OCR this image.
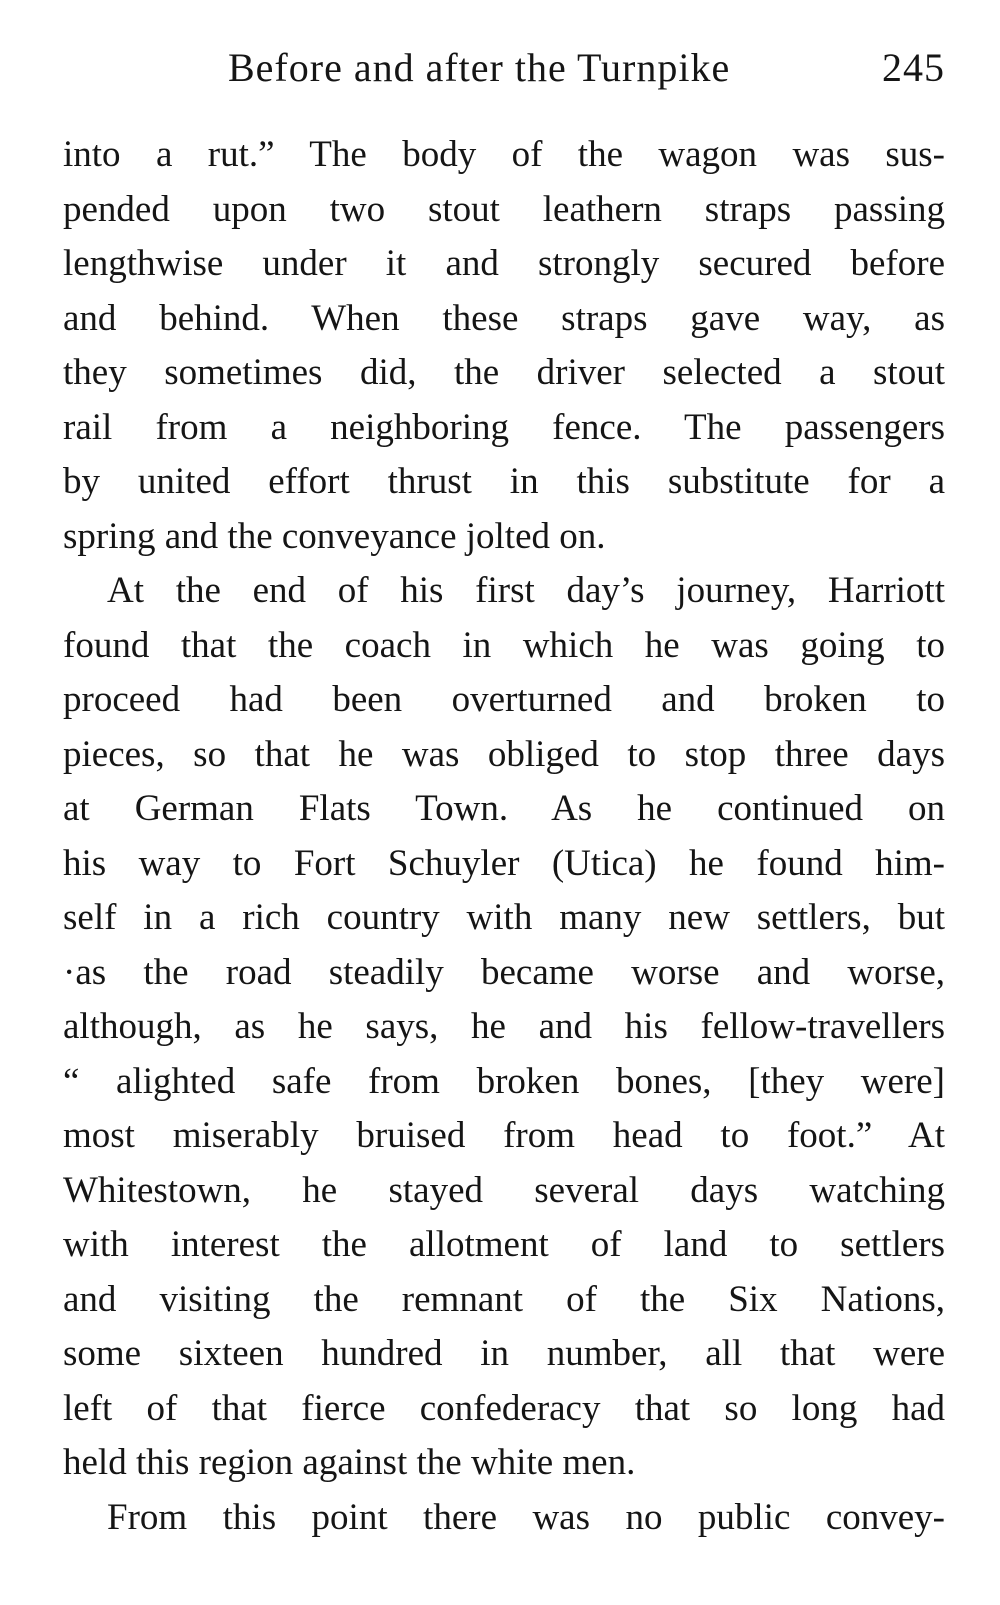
Before and after the Turnpike	245
into a rut.” The body of the wagon was sus-
pended upon two stout leathern straps passing
lengthwise under it and strongly secured before
and behind. When these straps gave way, as
they sometimes did, the driver selected a stout
rail from a neighboring fence. The passengers
by united effort thrust in this substitute for a
spring and the conveyance jolted on.
At the end of his first day’s journey, Harriott
found that the coach in which he was going to
proceed had been overturned and broken to
pieces, so that he was obliged to stop three days
at German Flats Town. As he continued on
his way to Fort Schuyler (Utica) he found him-
self in a rich country with many new settlers, but
·as the road steadily became worse and worse,
although, as he says, he and his fellow-travellers
“ alighted safe from broken bones, [they were]
most miserably bruised from head to foot.” At
Whitestown, he stayed several days watching
with interest the allotment of land to settlers
and visiting the remnant of the Six Nations,
some sixteen hundred in number, all that were
left of that fierce confederacy that so long had
held this region against the white men.
From this point there was no public convey-
